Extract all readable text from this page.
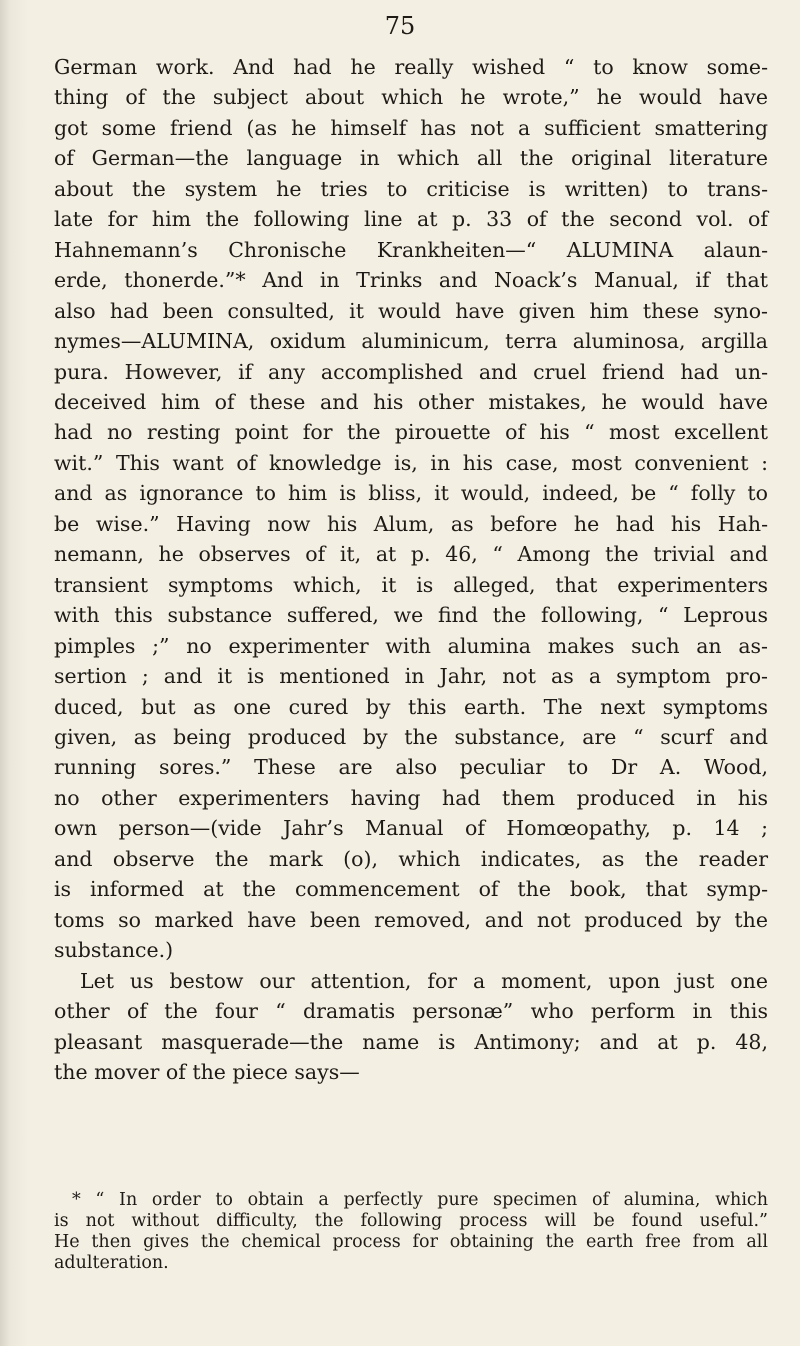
75
German work. And had he really wished “ to know some-
thing of the subject about which he wrote,” he would have
got some friend (as he himself has not a sufficient smattering
of German—the language in which all the original literature
about the system he tries to criticise is written) to trans-
late for him the following line at p. 33 of the second vol. of
Hahnemann’s Chronische Krankheiten—“ ALUMINA alaun-
erde, thonerde.”* And in Trinks and Noack’s Manual, if that
also had been consulted, it would have given him these syno-
nymes—ALUMINA, oxidum aluminicum, terra aluminosa, argilla
pura. However, if any accomplished and cruel friend had un-
deceived him of these and his other mistakes, he would have
had no resting point for the pirouette of his “ most excellent
wit.” This want of knowledge is, in his case, most convenient :
and as ignorance to him is bliss, it would, indeed, be “ folly to
be wise.” Having now his Alum, as before he had his Hah-
nemann, he observes of it, at p. 46, “ Among the trivial and
transient symptoms which, it is alleged, that experimenters
with this substance suffered, we find the following, “ Leprous
pimples ;” no experimenter with alumina makes such an as-
sertion ; and it is mentioned in Jahr, not as a symptom pro-
duced, but as one cured by this earth. The next symptoms
given, as being produced by the substance, are “ scurf and
running sores.” These are also peculiar to Dr A. Wood,
no other experimenters having had them produced in his
own person—(vide Jahr’s Manual of Homœopathy, p. 14 ;
and observe the mark (o), which indicates, as the reader
is informed at the commencement of the book, that symp-
toms so marked have been removed, and not produced by the
substance.)
Let us bestow our attention, for a moment, upon just one
other of the four “ dramatis personæ” who perform in this
pleasant masquerade—the name is Antimony; and at p. 48,
the mover of the piece says—
* “ In order to obtain a perfectly pure specimen of alumina, which
is not without difficulty, the following process will be found useful.”
He then gives the chemical process for obtaining the earth free from all
adulteration.
